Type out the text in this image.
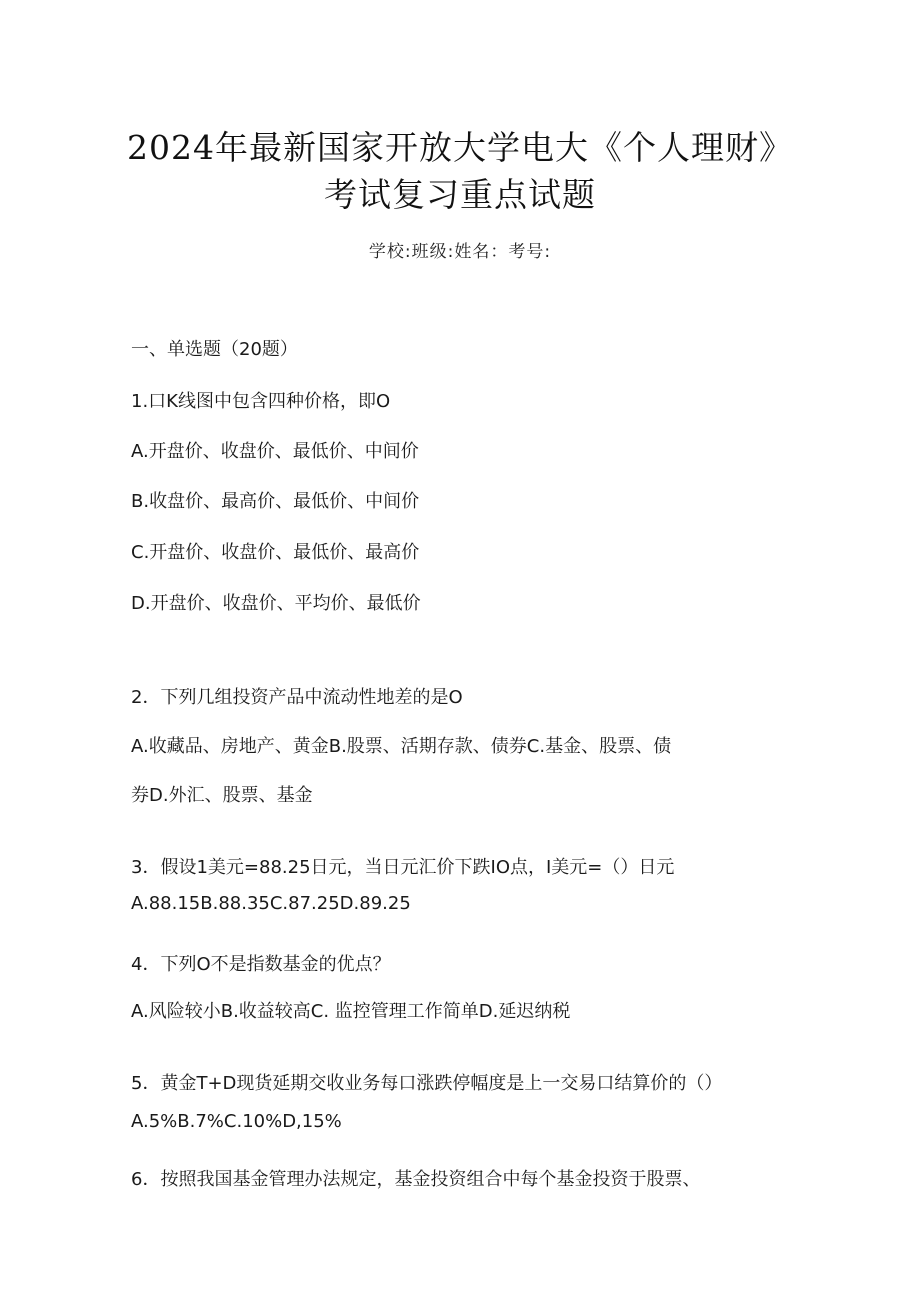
2024年最新国家开放大学电大《个人理财》
考试复习重点试题
学校:班级:姓名：考号:
一、单选题（20题）
1.口K线图中包含四种价格，即O
A.开盘价、收盘价、最低价、中间价
B.收盘价、最高价、最低价、中间价
C.开盘价、收盘价、最低价、最高价
D.开盘价、收盘价、平均价、最低价
2．下列几组投资产品中流动性地差的是O
A.收藏品、房地产、黄金B.股票、活期存款、债券C.基金、股票、债
券D.外汇、股票、基金
3．假设1美元=88.25日元，当日元汇价下跌IO点，I美元=（）日元
A.88.15B.88.35C.87.25D.89.25
4．下列O不是指数基金的优点？
A.风险较小B.收益较高C. 监控管理工作简单D.延迟纳税
5．黄金T+D现货延期交收业务每口涨跌停幅度是上一交易口结算价的（）
A.5%B.7%C.10%D,15%
6．按照我国基金管理办法规定，基金投资组合中每个基金投资于股票、
